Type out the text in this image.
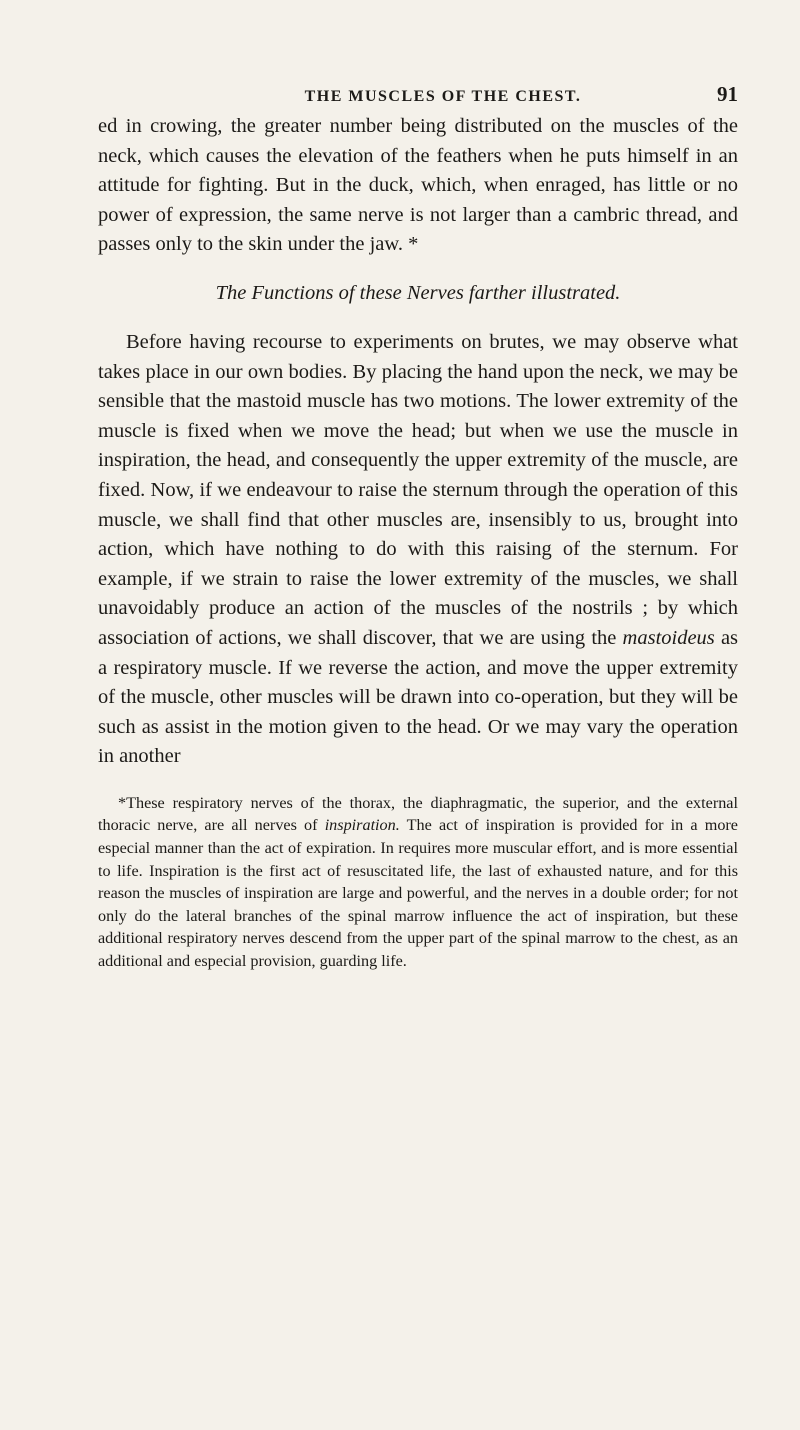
THE MUSCLES OF THE CHEST.	91

ed in crowing, the greater number being distributed on the muscles of the neck, which causes the elevation of the feathers when he puts himself in an attitude for fighting. But in the duck, which, when enraged, has little or no power of expression, the same nerve is not larger than a cambric thread, and passes only to the skin under the jaw. *

The Functions of these Nerves farther illustrated.

Before having recourse to experiments on brutes, we may observe what takes place in our own bodies. By placing the hand upon the neck, we may be sensible that the mastoid muscle has two motions. The lower extremity of the muscle is fixed when we move the head; but when we use the muscle in inspiration, the head, and consequently the upper extremity of the muscle, are fixed. Now, if we endeavour to raise the sternum through the operation of this muscle, we shall find that other muscles are, insensibly to us, brought into action, which have nothing to do with this raising of the sternum. For example, if we strain to raise the lower extremity of the muscles, we shall unavoidably produce an action of the muscles of the nostrils ; by which association of actions, we shall discover, that we are using the mastoideus as a respiratory muscle. If we reverse the action, and move the upper extremity of the muscle, other muscles will be drawn into co-operation, but they will be such as assist in the motion given to the head. Or we may vary the operation in another

*These respiratory nerves of the thorax, the diaphragmatic, the superior, and the external thoracic nerve, are all nerves of inspiration. The act of inspiration is provided for in a more especial manner than the act of expiration. In requires more muscular effort, and is more essential to life. Inspiration is the first act of resuscitated life, the last of exhausted nature, and for this reason the muscles of inspiration are large and powerful, and the nerves in a double order; for not only do the lateral branches of the spinal marrow influence the act of inspiration, but these additional respiratory nerves descend from the upper part of the spinal marrow to the chest, as an additional and especial provision, guarding life.
